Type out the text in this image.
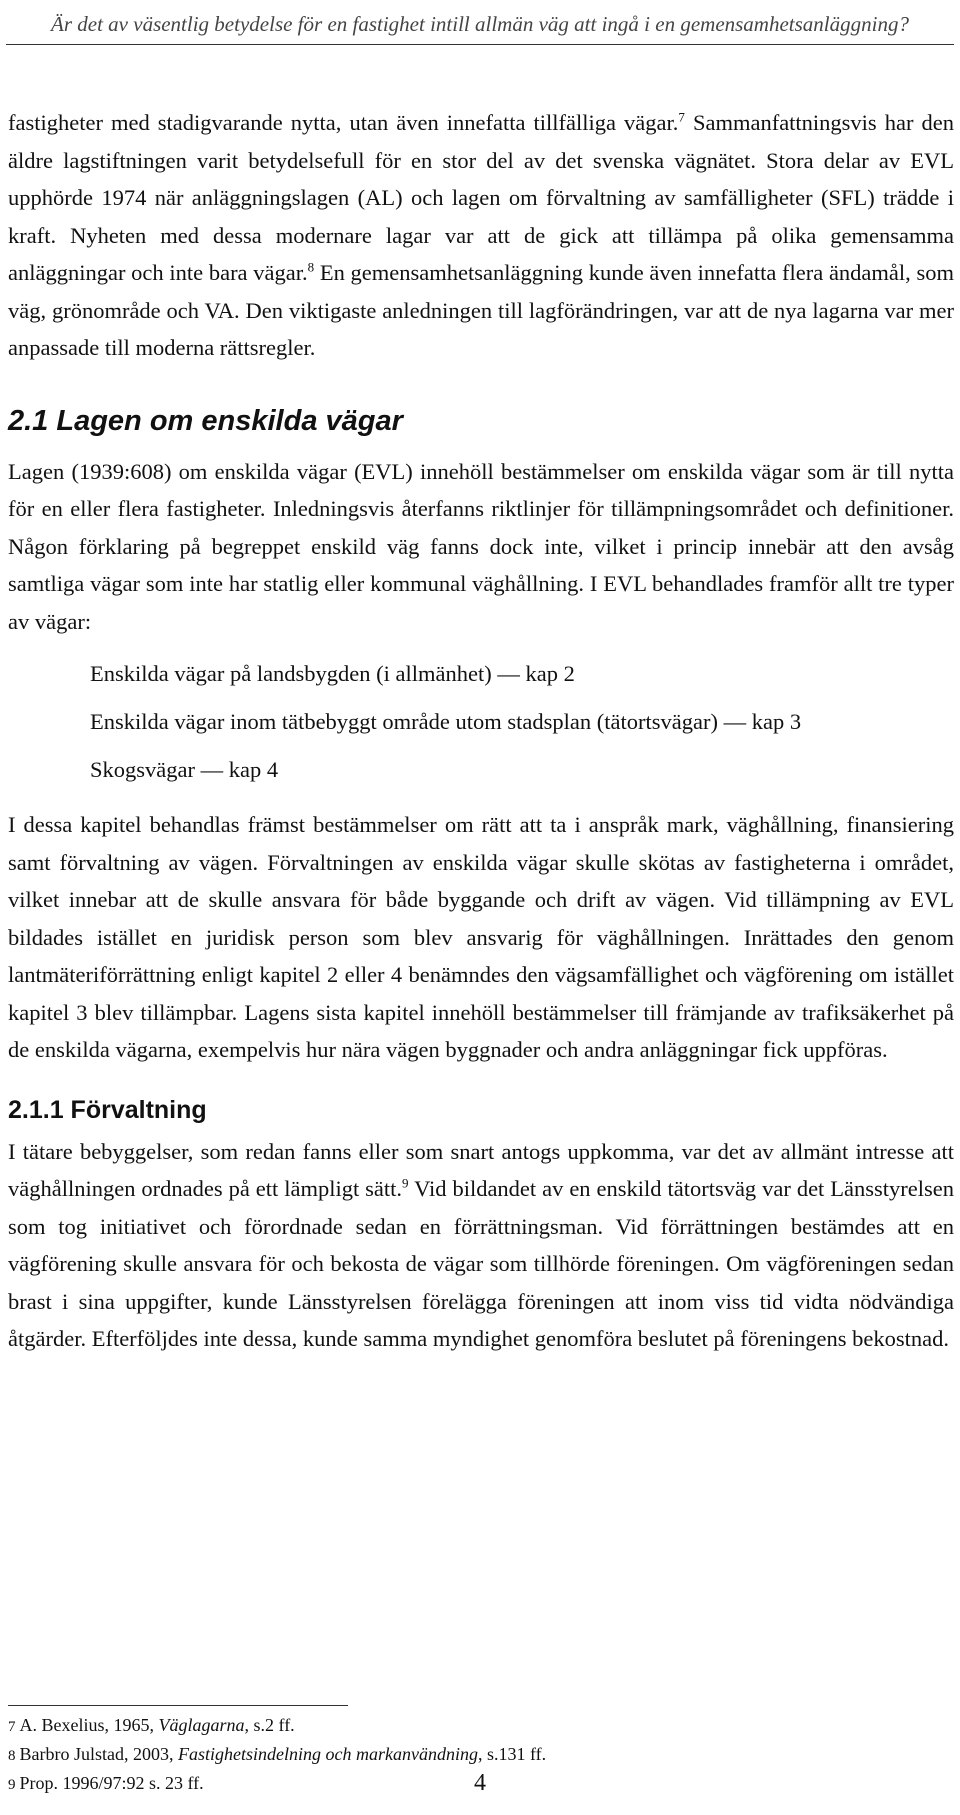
Är det av väsentlig betydelse för en fastighet intill allmän väg att ingå i en gemensamhetsanläggning?

fastigheter med stadigvarande nytta, utan även innefatta tillfälliga vägar.$^7$ Sammanfattningsvis har den äldre lagstiftningen varit betydelsefull för en stor del av det svenska vägnätet. Stora delar av EVL upphörde 1974 när anläggningslagen (AL) och lagen om förvaltning av samfälligheter (SFL) trädde i kraft. Nyheten med dessa modernare lagar var att de gick att tillämpa på olika gemensamma anläggningar och inte bara vägar.$^8$ En gemensamhetsanläggning kunde även innefatta flera ändamål, som väg, grönområde och VA. Den viktigaste anledningen till lagförändringen, var att de nya lagarna var mer anpassade till moderna rättsregler.

2.1 Lagen om enskilda vägar

Lagen (1939:608) om enskilda vägar (EVL) innehöll bestämmelser om enskilda vägar som är till nytta för en eller flera fastigheter. Inledningsvis återfanns riktlinjer för tillämpningsområdet och definitioner. Någon förklaring på begreppet enskild väg fanns dock inte, vilket i princip innebär att den avsåg samtliga vägar som inte har statlig eller kommunal väghållning. I EVL behandlades framför allt tre typer av vägar:

Enskilda vägar på landsbygden (i allmänhet) — kap 2
Enskilda vägar inom tätbebyggt område utom stadsplan (tätortsvägar) — kap 3
Skogsvägar — kap 4

I dessa kapitel behandlas främst bestämmelser om rätt att ta i anspråk mark, väghållning, finansiering samt förvaltning av vägen. Förvaltningen av enskilda vägar skulle skötas av fastigheterna i området, vilket innebar att de skulle ansvara för både byggande och drift av vägen. Vid tillämpning av EVL bildades istället en juridisk person som blev ansvarig för väghållningen. Inrättades den genom lantmäteriförrättning enligt kapitel 2 eller 4 benämndes den vägsamfällighet och vägförening om istället kapitel 3 blev tillämpbar. Lagens sista kapitel innehöll bestämmelser till främjande av trafiksäkerhet på de enskilda vägarna, exempelvis hur nära vägen byggnader och andra anläggningar fick uppföras.

2.1.1 Förvaltning

I tätare bebyggelser, som redan fanns eller som snart antogs uppkomma, var det av allmänt intresse att väghållningen ordnades på ett lämpligt sätt.$^9$ Vid bildandet av en enskild tätortsväg var det Länsstyrelsen som tog initiativet och förordnade sedan en förrättningsman. Vid förrättningen bestämdes att en vägförening skulle ansvara för och bekosta de vägar som tillhörde föreningen. Om vägföreningen sedan brast i sina uppgifter, kunde Länsstyrelsen förelägga föreningen att inom viss tid vidta nödvändiga åtgärder. Efterföljdes inte dessa, kunde samma myndighet genomföra beslutet på föreningens bekostnad.

7 A. Bexelius, 1965, Väglagarna, s.2 ff.
8 Barbro Julstad, 2003, Fastighetsindelning och markanvändning, s.131 ff.
9 Prop. 1996/97:92 s. 23 ff.	4
